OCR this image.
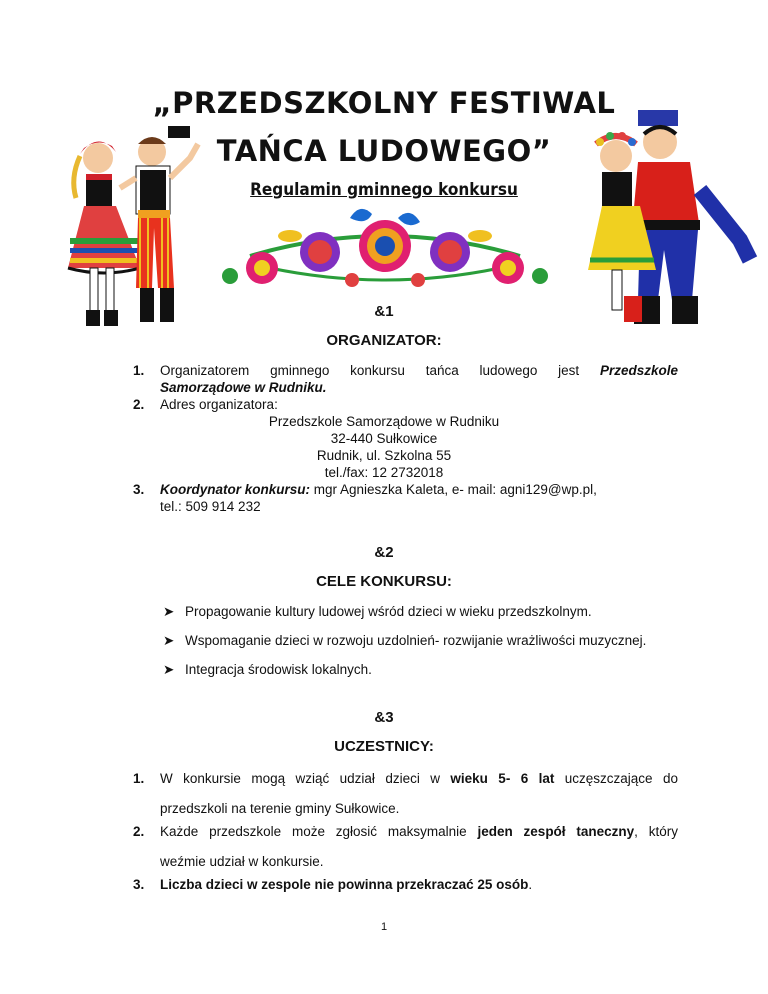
„PRZEDSZKOLNY FESTIWAL
TAŃCA LUDOWEGO”
Regulamin gminnego konkursu
&1
ORGANIZATOR:
1. Organizatorem gminnego konkursu tańca ludowego jest Przedszkole
Samorządowe w Rudniku.
2. Adres organizatora:
Przedszkole Samorządowe w Rudniku
32-440 Sułkowice
Rudnik, ul. Szkolna 55
tel./fax: 12 2732018
3. Koordynator konkursu: mgr Agnieszka Kaleta, e- mail: agni129@wp.pl,
tel.: 509 914 232
&2
CELE KONKURSU:
➤ Propagowanie kultury ludowej wśród dzieci w wieku przedszkolnym.
➤ Wspomaganie dzieci w rozwoju uzdolnień- rozwijanie wrażliwości muzycznej.
➤ Integracja środowisk lokalnych.
&3
UCZESTNICY:
1. W konkursie mogą wziąć udział dzieci w wieku 5- 6 lat uczęszczające do
przedszkoli na terenie gminy Sułkowice.
2. Każde przedszkole może zgłosić maksymalnie jeden zespół taneczny, który
weźmie udział w konkursie.
3. Liczba dzieci w zespole nie powinna przekraczać 25 osób.
1
